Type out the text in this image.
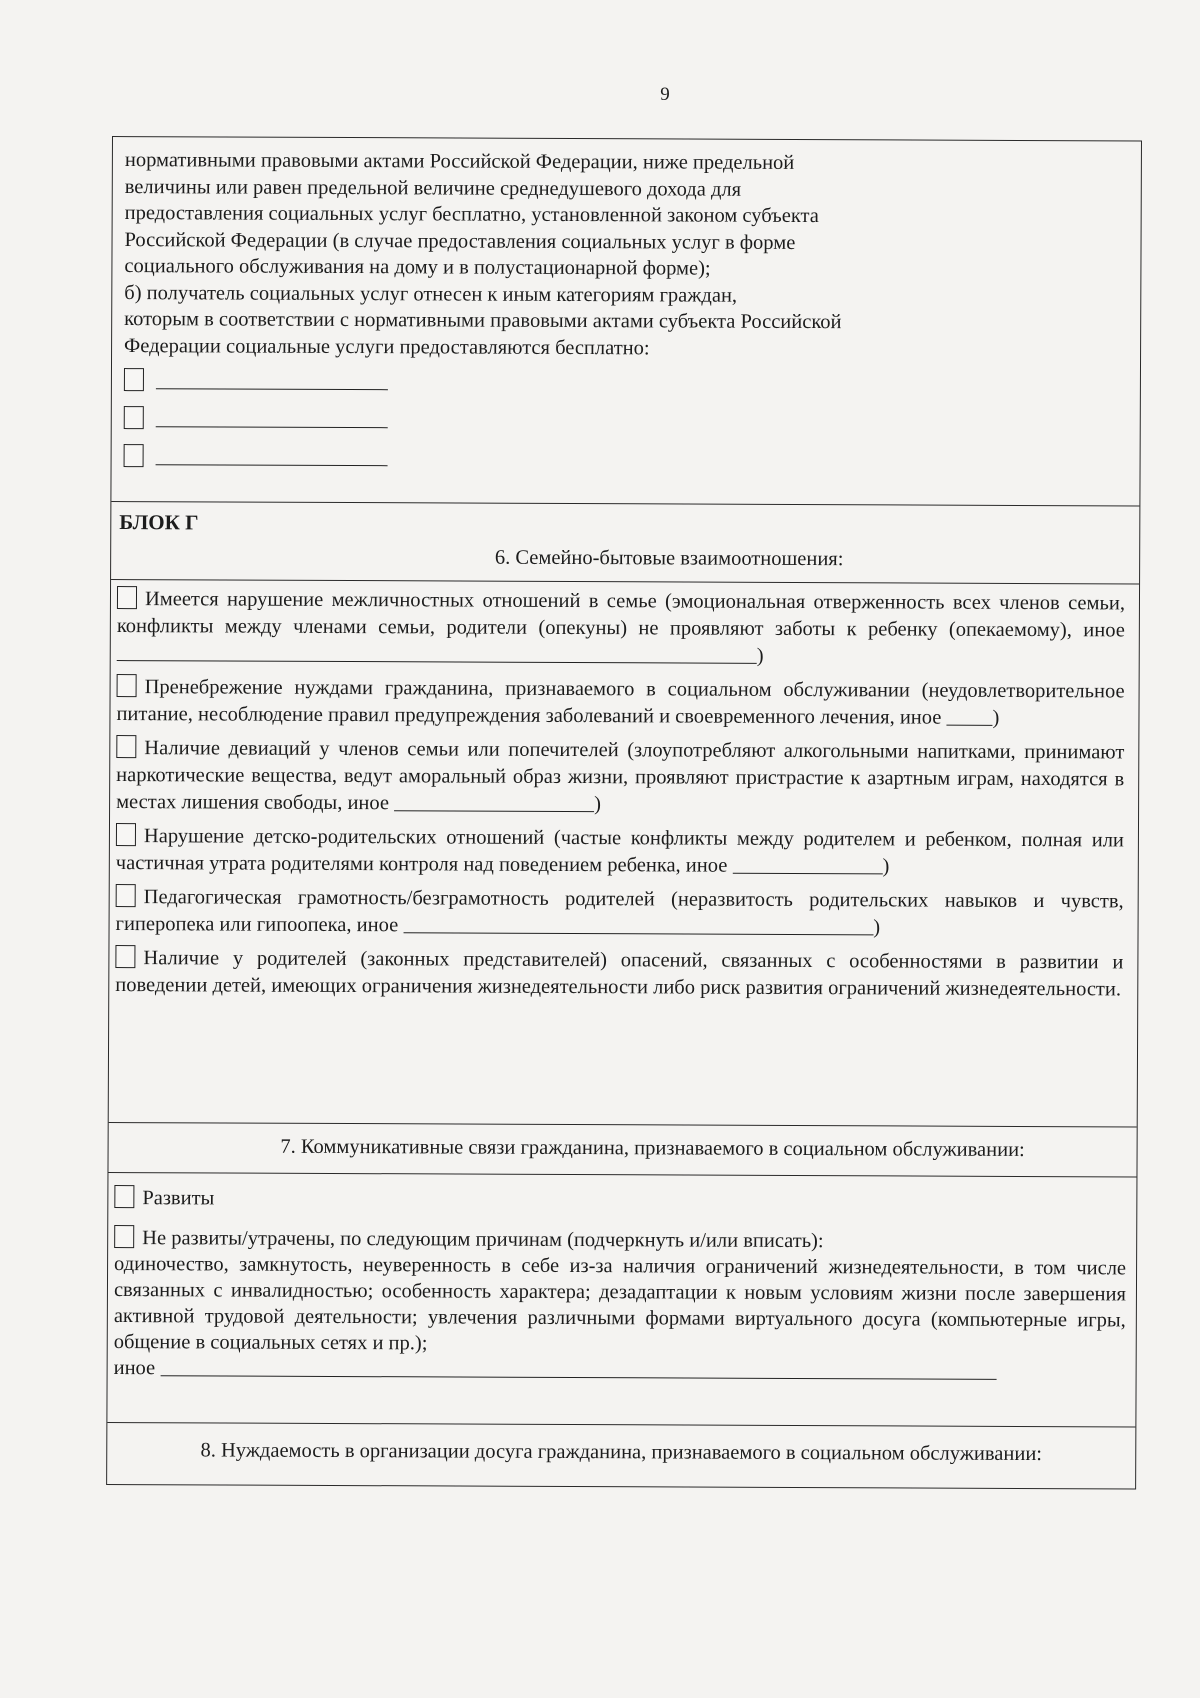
9
нормативными правовыми актами Российской Федерации, ниже предельной
величины или равен предельной величине среднедушевого дохода для
предоставления социальных услуг бесплатно, установленной законом субъекта
Российской Федерации (в случае предоставления социальных услуг в форме
социального обслуживания на дому и в полустационарной форме);
б) получатель социальных услуг отнесен к иным категориям граждан,
которым в соответствии с нормативными правовыми актами субъекта Российской
Федерации социальные услуги предоставляются бесплатно:
БЛОК Г
6. Семейно-бытовые взаимоотношения:
Имеется нарушение межличностных отношений в семье (эмоциональная отверженность всех членов семьи, конфликты между членами семьи, родители (опекуны) не проявляют заботы к ребенку (опекаемому), иное )
Пренебрежение нуждами гражданина, признаваемого в социальном обслуживании (неудовлетворительное питание, несоблюдение правил предупреждения заболеваний и своевременного лечения, иное )
Наличие девиаций у членов семьи или попечителей (злоупотребляют алкогольными напитками, принимают наркотические вещества, ведут аморальный образ жизни, проявляют пристрастие к азартным играм, находятся в местах лишения свободы, иное	)
Нарушение детско-родительских отношений (частые конфликты между родителем и ребенком, полная или частичная утрата родителями контроля над поведением ребенка, иное	)
Педагогическая грамотность/безграмотность родителей (неразвитость родительских навыков и чувств, гиперопека или гипоопека, иное	)
Наличие у родителей (законных представителей) опасений, связанных с особенностями в развитии и поведении детей, имеющих ограничения жизнедеятельности либо риск развития ограничений жизнедеятельности.
7. Коммуникативные связи гражданина, признаваемого в социальном обслуживании:
Развиты
Не развиты/утрачены, по следующим причинам (подчеркнуть и/или вписать):
одиночество, замкнутость, неуверенность в себе из-за наличия ограничений жизнедеятельности, в том числе связанных с инвалидностью; особенность характера; дезадаптации к новым условиям жизни после завершения активной трудовой деятельности; увлечения различными формами виртуального досуга (компьютерные игры, общение в социальных сетях и пр.);
иное
8. Нуждаемость в организации досуга гражданина, признаваемого в социальном обслуживании:
